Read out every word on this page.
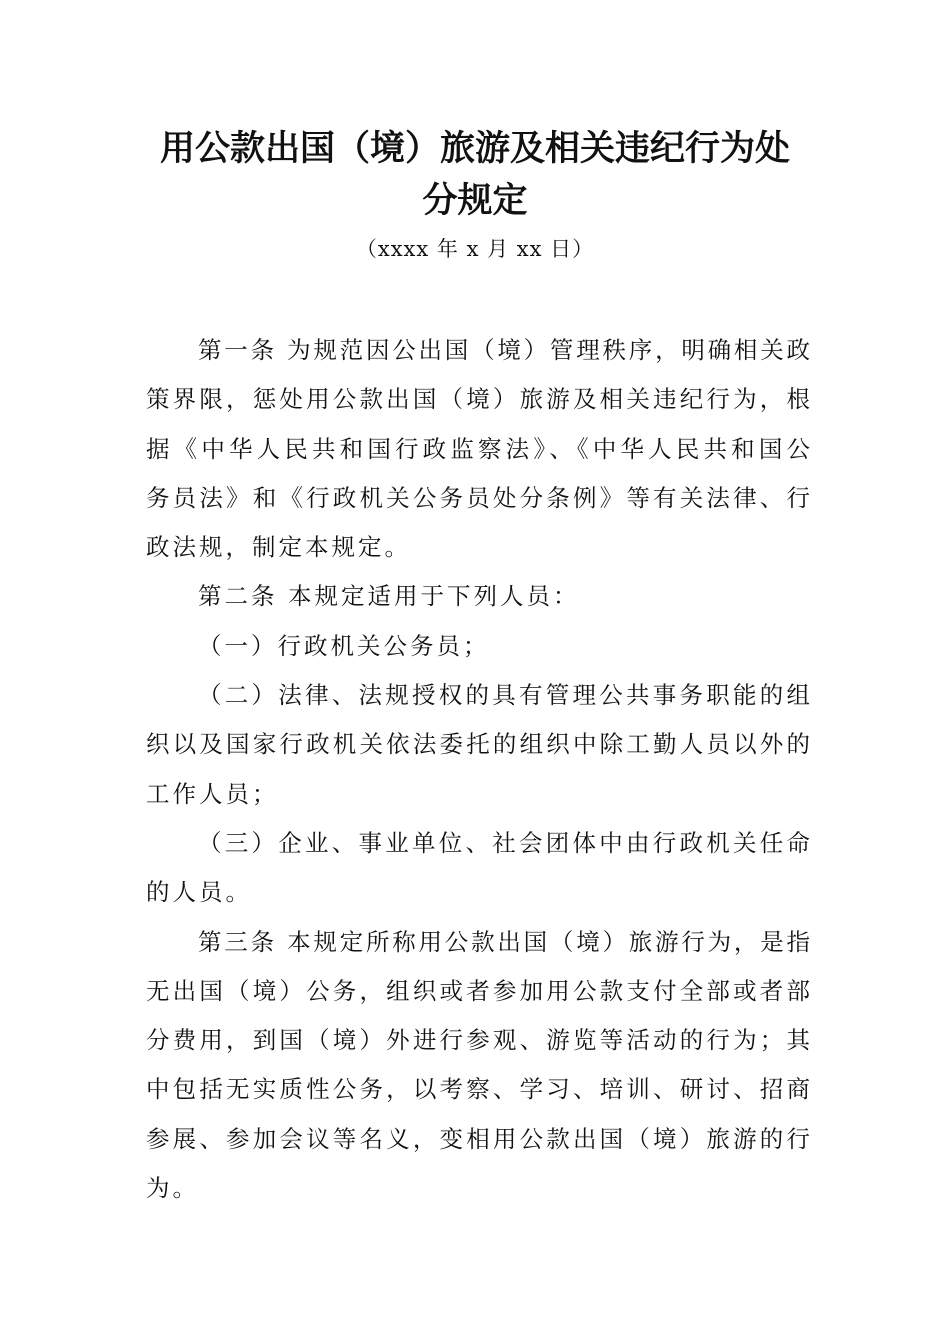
用公款出国（境）旅游及相关违纪行为处
分规定
（xxxx 年 x 月 xx 日）
第一条 为规范因公出国（境）管理秩序，明确相关政
策界限，惩处用公款出国（境）旅游及相关违纪行为，根
据《中华人民共和国行政监察法》、《中华人民共和国公
务员法》和《行政机关公务员处分条例》等有关法律、行
政法规，制定本规定。
第二条 本规定适用于下列人员：
（一）行政机关公务员；
（二）法律、法规授权的具有管理公共事务职能的组
织以及国家行政机关依法委托的组织中除工勤人员以外的
工作人员；
（三）企业、事业单位、社会团体中由行政机关任命
的人员。
第三条 本规定所称用公款出国（境）旅游行为，是指
无出国（境）公务，组织或者参加用公款支付全部或者部
分费用，到国（境）外进行参观、游览等活动的行为；其
中包括无实质性公务，以考察、学习、培训、研讨、招商
参展、参加会议等名义，变相用公款出国（境）旅游的行
为。
